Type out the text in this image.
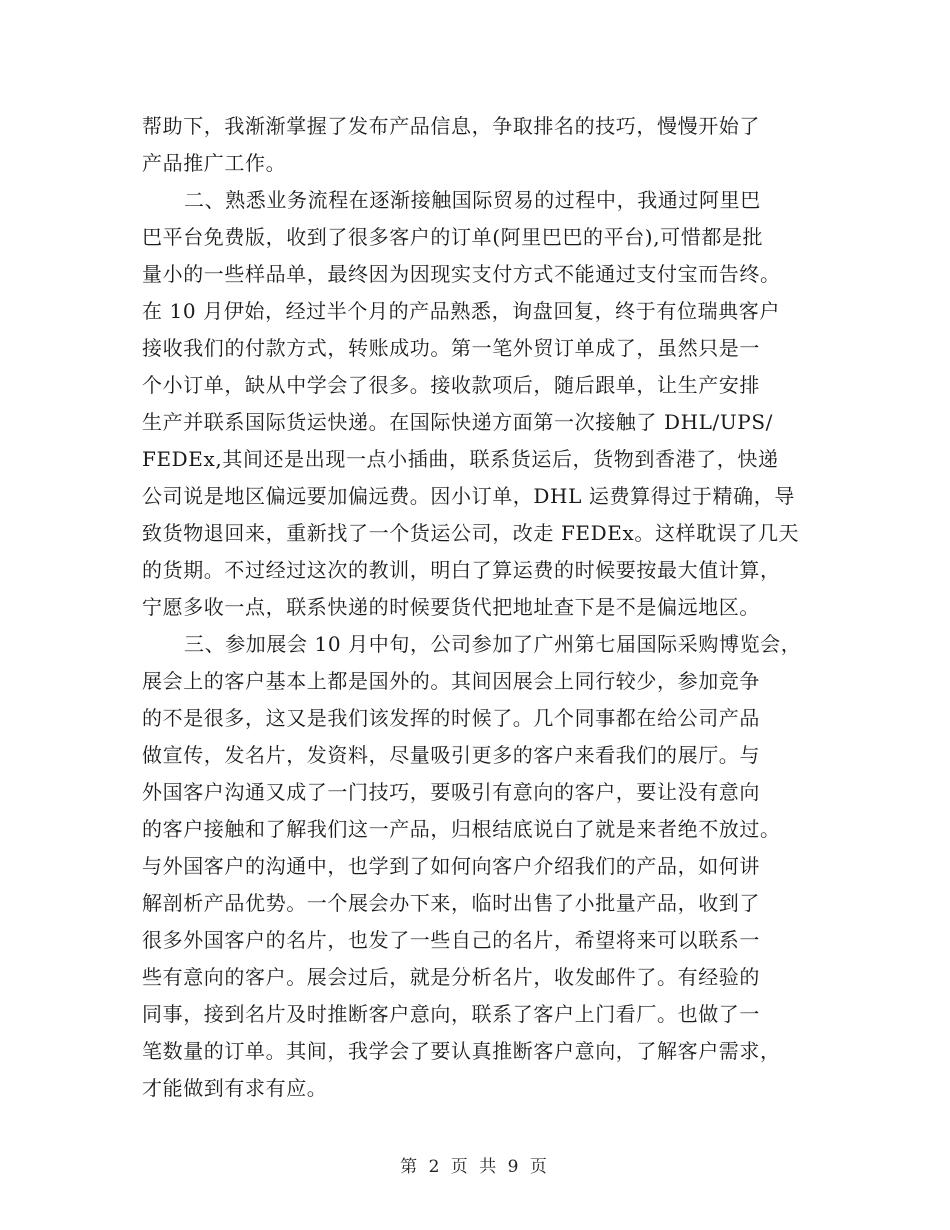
帮助下，我渐渐掌握了发布产品信息，争取排名的技巧，慢慢开始了
产品推广工作。
二、熟悉业务流程在逐渐接触国际贸易的过程中，我通过阿里巴
巴平台免费版，收到了很多客户的订单(阿里巴巴的平台),可惜都是批
量小的一些样品单，最终因为因现实支付方式不能通过支付宝而告终。
在 10 月伊始，经过半个月的产品熟悉，询盘回复，终于有位瑞典客户
接收我们的付款方式，转账成功。第一笔外贸订单成了，虽然只是一
个小订单，缺从中学会了很多。接收款项后，随后跟单，让生产安排
生产并联系国际货运快递。在国际快递方面第一次接触了 DHL/UPS/
FEDEx,其间还是出现一点小插曲，联系货运后，货物到香港了，快递
公司说是地区偏远要加偏远费。因小订单，DHL 运费算得过于精确，导
致货物退回来，重新找了一个货运公司，改走 FEDEx。这样耽误了几天
的货期。不过经过这次的教训，明白了算运费的时候要按最大值计算，
宁愿多收一点，联系快递的时候要货代把地址查下是不是偏远地区。
三、参加展会 10 月中旬，公司参加了广州第七届国际采购博览会，
展会上的客户基本上都是国外的。其间因展会上同行较少，参加竞争
的不是很多，这又是我们该发挥的时候了。几个同事都在给公司产品
做宣传，发名片，发资料，尽量吸引更多的客户来看我们的展厅。与
外国客户沟通又成了一门技巧，要吸引有意向的客户，要让没有意向
的客户接触和了解我们这一产品，归根结底说白了就是来者绝不放过。
与外国客户的沟通中，也学到了如何向客户介绍我们的产品，如何讲
解剖析产品优势。一个展会办下来，临时出售了小批量产品，收到了
很多外国客户的名片，也发了一些自己的名片，希望将来可以联系一
些有意向的客户。展会过后，就是分析名片，收发邮件了。有经验的
同事，接到名片及时推断客户意向，联系了客户上门看厂。也做了一
笔数量的订单。其间，我学会了要认真推断客户意向，了解客户需求，
才能做到有求有应。
第 2 页 共 9 页
